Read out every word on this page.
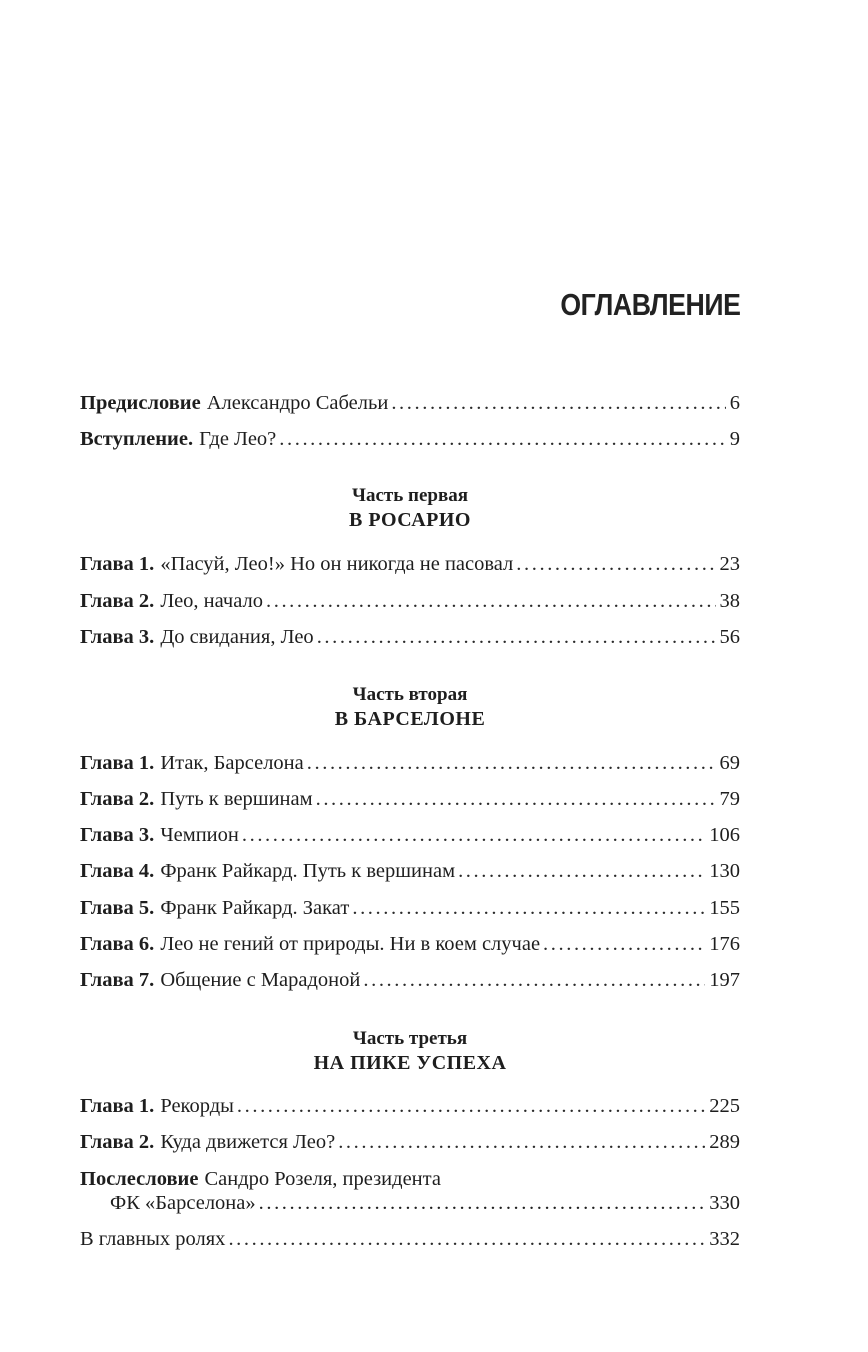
ОГЛАВЛЕНИЕ
Предисловие Александро Сабельи .....	6
Вступление. Где Лео? .....	9
Часть первая
В РОСАРИО
Глава 1. «Пасуй, Лео!» Но он никогда не пасовал .....	23
Глава 2. Лео, начало .....	38
Глава 3. До свидания, Лео .....	56
Часть вторая
В БАРСЕЛОНЕ
Глава 1. Итак, Барселона .....	69
Глава 2. Путь к вершинам .....	79
Глава 3. Чемпион .....	106
Глава 4. Франк Райкард. Путь к вершинам .....	130
Глава 5. Франк Райкард. Закат .....	155
Глава 6. Лео не гений от природы. Ни в коем случае .....	176
Глава 7. Общение с Марадоной .....	197
Часть третья
НА ПИКЕ УСПЕХА
Глава 1. Рекорды .....	225
Глава 2. Куда движется Лео? .....	289
Послесловие Сандро Розеля, президента
ФК «Барселона» .....	330
В главных ролях .....	332
